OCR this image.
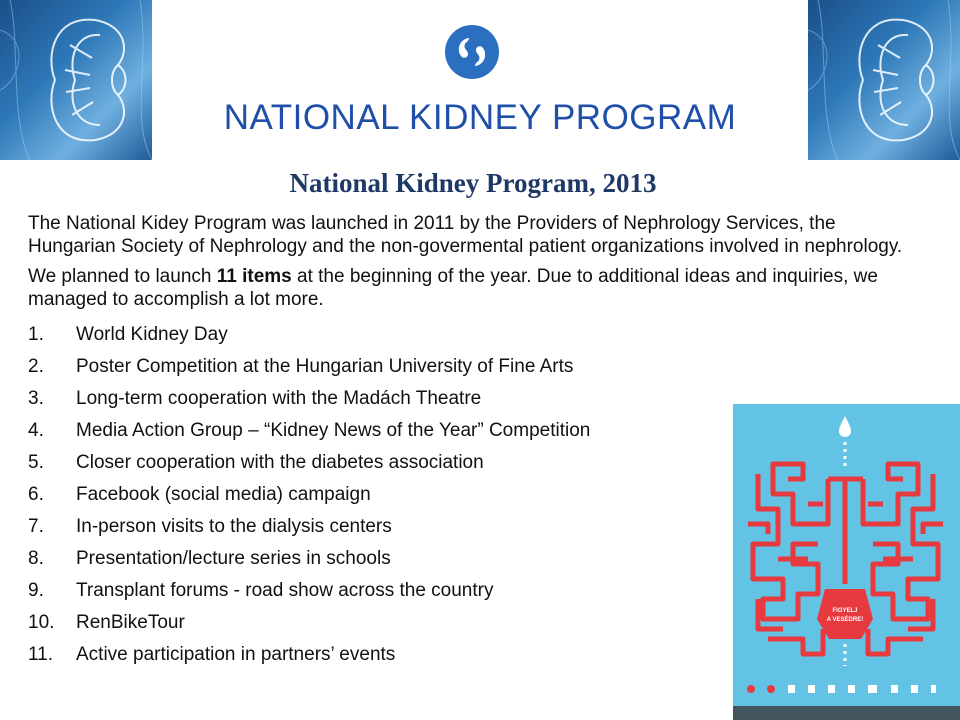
NATIONAL KIDNEY PROGRAM
National Kidney Program, 2013

The National Kidey Program was launched in 2011 by the Providers of Nephrology Services, the Hungarian Society of Nephrology and the non-govermental patient organizations involved in nephrology.

We planned to launch 11 items at the beginning of the year. Due to additional ideas and inquiries, we managed to accomplish a lot more.

1.	World Kidney Day
2.	Poster Competition at the Hungarian University of Fine Arts
3.	Long-term cooperation with the Madách Theatre
4.	Media Action Group – “Kidney News of the Year” Competition
5.	Closer cooperation with the diabetes association
6.	Facebook (social media) campaign
7.	In-person visits to the dialysis centers
8.	Presentation/lecture series in schools
9.	Transplant forums - road show across the country
10.	RenBikeTour
11.	Active participation in partners’ events
FIGYELJ
A VESÉDRE!
